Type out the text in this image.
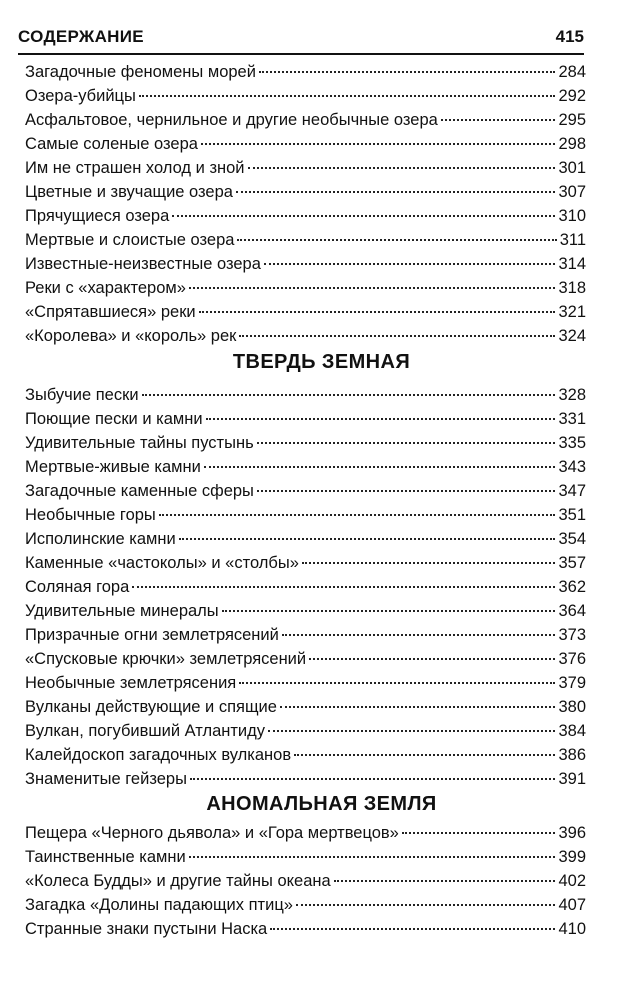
СОДЕРЖАНИЕ	415
Загадочные феномены морей	284
Озера-убийцы	292
Асфальтовое, чернильное и другие необычные озера	295
Самые соленые озера	298
Им не страшен холод и зной	301
Цветные и звучащие озера	307
Прячущиеся озера	310
Мертвые и слоистые озера	311
Известные-неизвестные озера	314
Реки с «характером»	318
«Спрятавшиеся» реки	321
«Королева» и «король» рек	324
ТВЕРДЬ ЗЕМНАЯ
Зыбучие пески	328
Поющие пески и камни	331
Удивительные тайны пустынь	335
Мертвые-живые камни	343
Загадочные каменные сферы	347
Необычные горы	351
Исполинские камни	354
Каменные «частоколы» и «столбы»	357
Соляная гора	362
Удивительные минералы	364
Призрачные огни землетрясений	373
«Спусковые крючки» землетрясений	376
Необычные землетрясения	379
Вулканы действующие и спящие	380
Вулкан, погубивший Атлантиду	384
Калейдоскоп загадочных вулканов	386
Знаменитые гейзеры	391
АНОМАЛЬНАЯ ЗЕМЛЯ
Пещера «Черного дьявола» и «Гора мертвецов»	396
Таинственные камни	399
«Колеса Будды» и другие тайны океана	402
Загадка «Долины падающих птиц»	407
Странные знаки пустыни Наска	410
